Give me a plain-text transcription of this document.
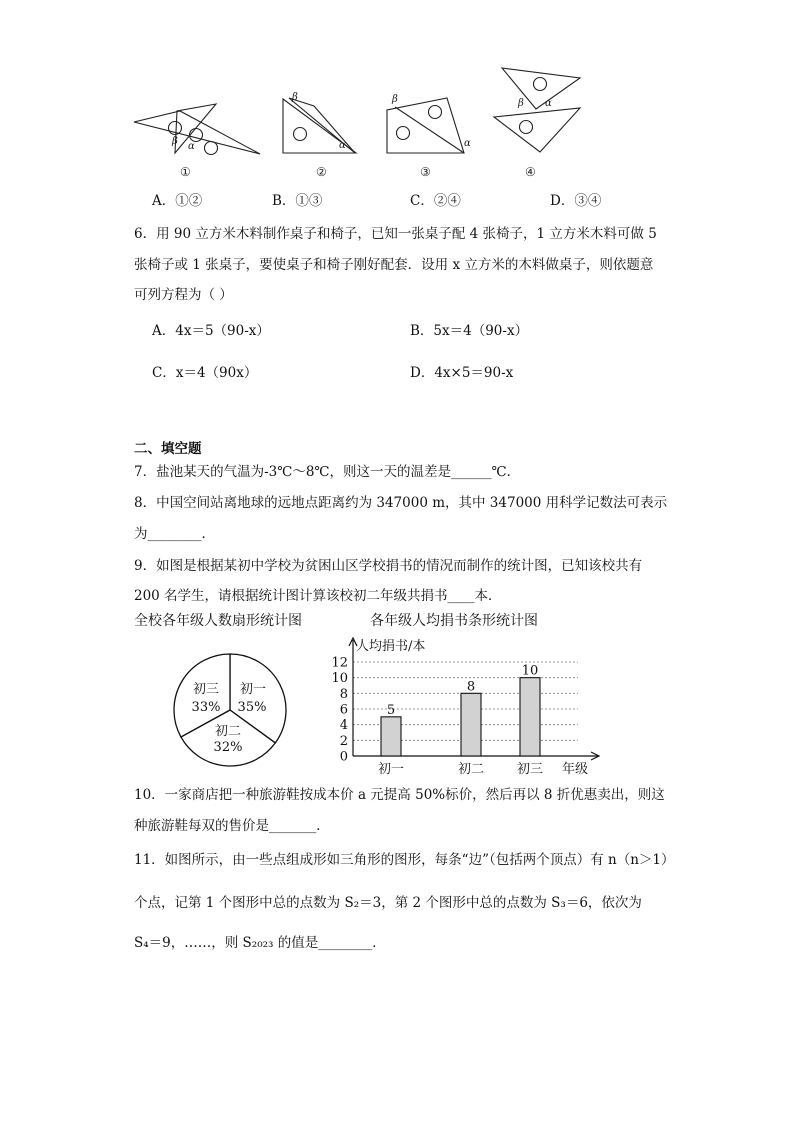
β α
β
α
β
α
β α
①	②	③	④
A．①②	B．①③	C．②④	D．③④
6．用 90 立方米木料制作桌子和椅子，已知一张桌子配 4 张椅子，1 立方米木料可做 5
张椅子或 1 张桌子，要使桌子和椅子刚好配套．设用 x 立方米的木料做桌子，则依题意
可列方程为（ ）
A．4x＝5（90-x）	B．5x＝4（90-x）
C．x＝4（90x）	D．4x×5＝90-x
二、填空题
7．盐池某天的气温为-3℃～8℃，则这一天的温差是______℃．
8．中国空间站离地球的远地点距离约为 347000 m，其中 347000 用科学记数法可表示
为________．
9．如图是根据某初中学校为贫困山区学校捐书的情况而制作的统计图，已知该校共有
200 名学生，请根据统计图计算该校初二年级共捐书____本．
全校各年级人数扇形统计图
初一
35%
初二
32%
初三
33%
各年级人均捐书条形统计图
人均捐书/本
年级
0
2
4
6
8
10
12
5
初一
8
初二
10
初三
10．一家商店把一种旅游鞋按成本价 a 元提高 50%标价，然后再以 8 折优惠卖出，则这
种旅游鞋每双的售价是_______．
11．如图所示，由一些点组成形如三角形的图形，每条“边”（包括两个顶点）有 n（n＞1）
个点，记第 1 个图形中总的点数为 S₂＝3，第 2 个图形中总的点数为 S₃＝6，依次为
S₄＝9，……，则 S₂₀₂₃ 的值是________．
